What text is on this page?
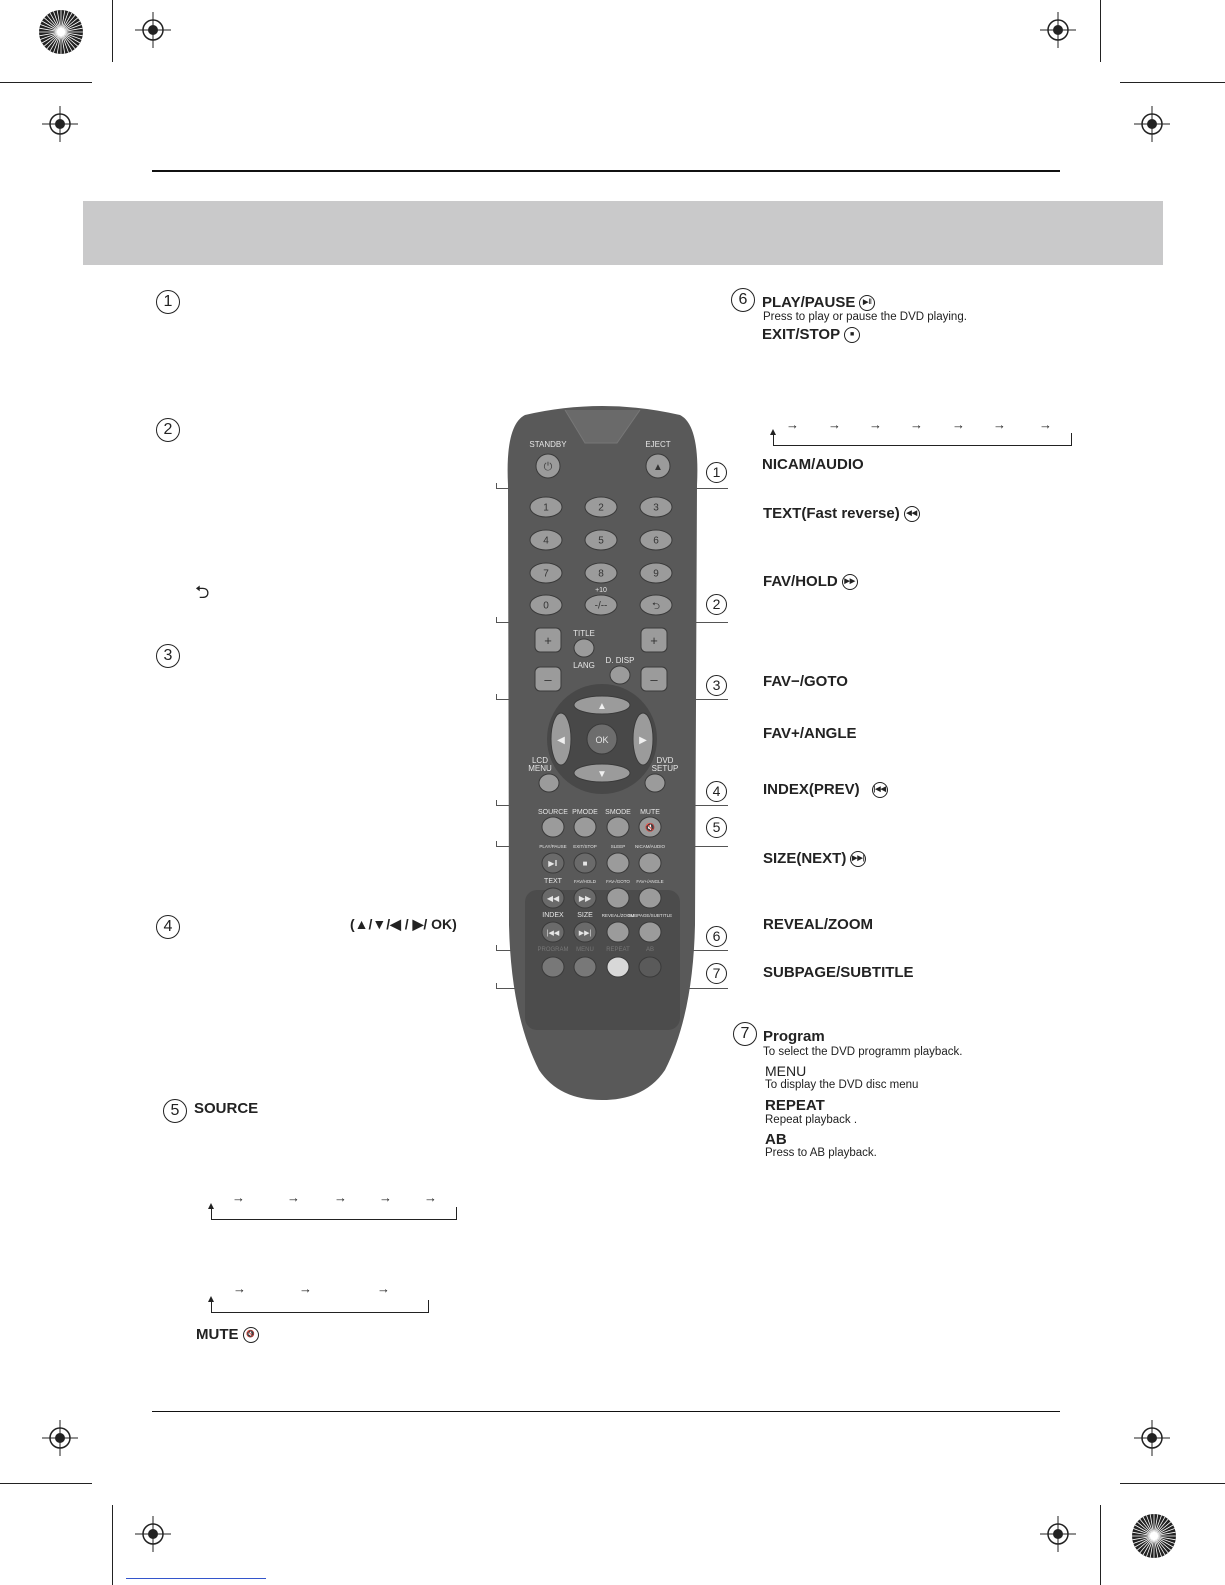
1
2
⮌
3
4	(▲/▼/◀ / ▶/ OK)
5 SOURCE
→	→	→ → →
→	→	→
MUTE 🔇
6 PLAY/PAUSE ▶‖
Press to play or pause the DVD playing.
EXIT/STOP ■
→ → → → → →	→
NICAM/AUDIO
TEXT(Fast reverse) ◀◀
FAV/HOLD ▶▶
FAV−/GOTO
FAV+/ANGLE
INDEX(PREV) |◀◀
SIZE(NEXT) ▶▶|
REVEAL/ZOOM
SUBPAGE/SUBTITLE
7 Program
To select the DVD programm playback.
MENU
To display the DVD disc menu
REPEAT
Repeat playback .
AB
Press to AB playback.
1
2
3
4
5
6
7
STANDBY
⏻
EJECT
▲
1	2	3
4	5	6
7	8	9
0
+10
-/--	⮌
+
–
+
–
TITLE
LANG
D. DISP
▲
▼
◀	▶
OK
LCD
MENU
DVD
SETUP
SOURCE PMODE SMODE MUTE
🔇
PLAY/PAUSE EXIT/STOP	SLEEP NICAM/AUDIO
▶‖	■
TEXT	FAV/HOLD FAV-/GOTO FAV+/ANGLE
◀◀ ▶▶
INDEX SIZE REVEAL/ZOOM
SUBPAGE/SUBTITLE
|◀◀	▶▶|
PROGRAM MENU REPEAT	AB
